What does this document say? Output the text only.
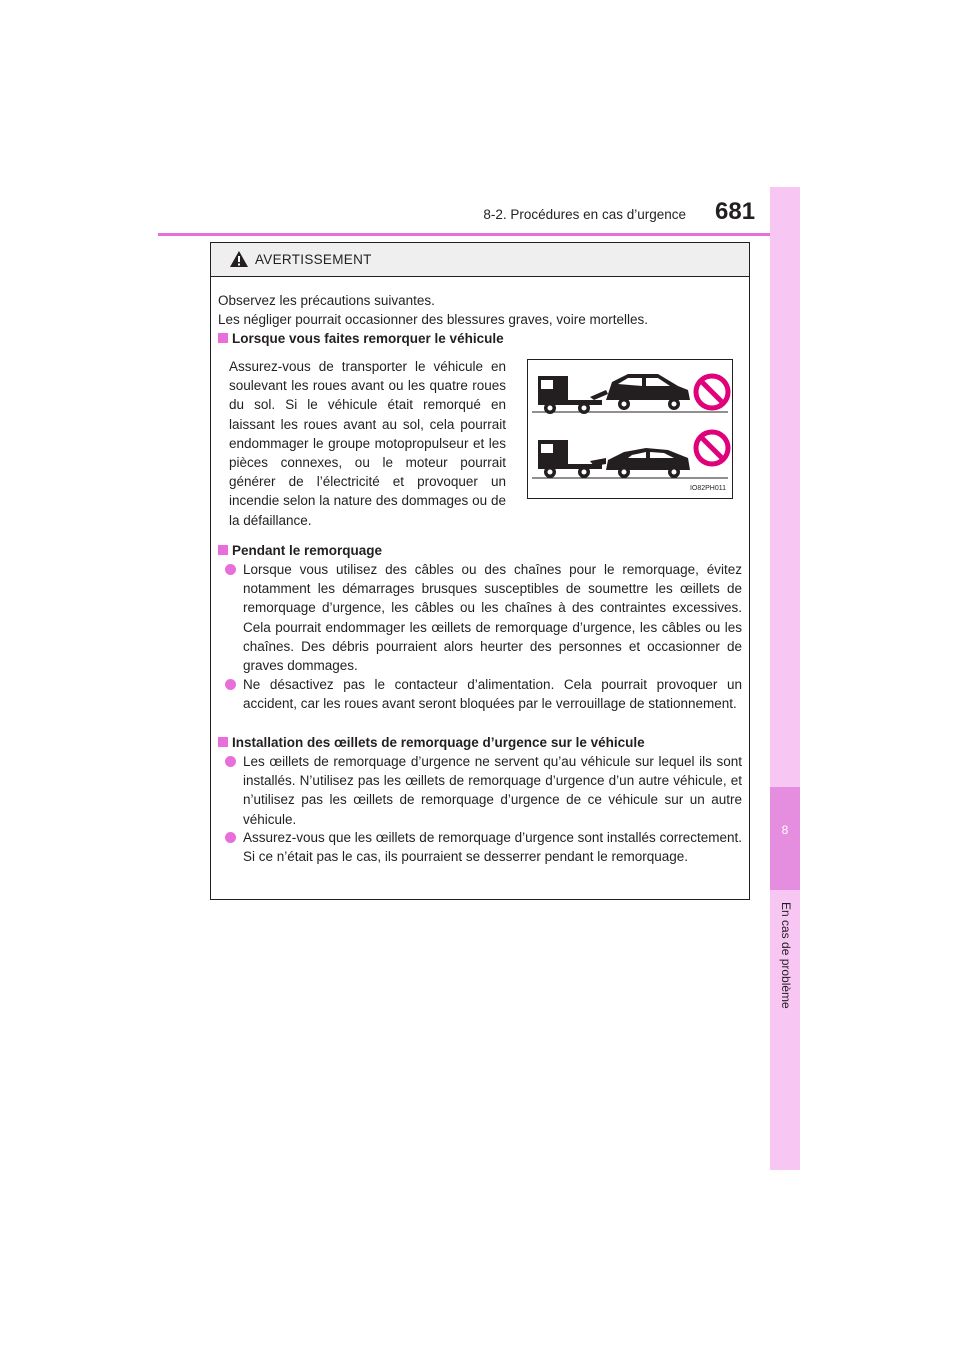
8-2. Procédures en cas d’urgence 681
8
En cas de problème
AVERTISSEMENT
Observez les précautions suivantes.
Les négliger pourrait occasionner des blessures graves, voire mortelles.
Lorsque vous faites remorquer le véhicule
Assurez-vous de transporter le véhicule en soulevant les roues avant ou les quatre roues du sol. Si le véhicule était remorqué en laissant les roues avant au sol, cela pourrait endommager le groupe motopropulseur et les pièces connexes, ou le moteur pourrait générer de l’électricité et provoquer un incendie selon la nature des dommages ou de la défaillance.
IO82PH011
Pendant le remorquage
Lorsque vous utilisez des câbles ou des chaînes pour le remorquage, évitez notamment les démarrages brusques susceptibles de soumettre les œillets de remorquage d’urgence, les câbles ou les chaînes à des contraintes excessives. Cela pourrait endommager les œillets de remorquage d’urgence, les câbles ou les chaînes. Des débris pourraient alors heurter des personnes et occasionner de graves dommages.
Ne désactivez pas le contacteur d’alimentation. Cela pourrait provoquer un accident, car les roues avant seront bloquées par le verrouillage de stationnement.
Installation des œillets de remorquage d’urgence sur le véhicule
Les œillets de remorquage d’urgence ne servent qu’au véhicule sur lequel ils sont installés. N’utilisez pas les œillets de remorquage d’urgence d’un autre véhicule, et n’utilisez pas les œillets de remorquage d’urgence de ce véhicule sur un autre véhicule.
Assurez-vous que les œillets de remorquage d’urgence sont installés correctement. Si ce n’était pas le cas, ils pourraient se desserrer pendant le remorquage.
